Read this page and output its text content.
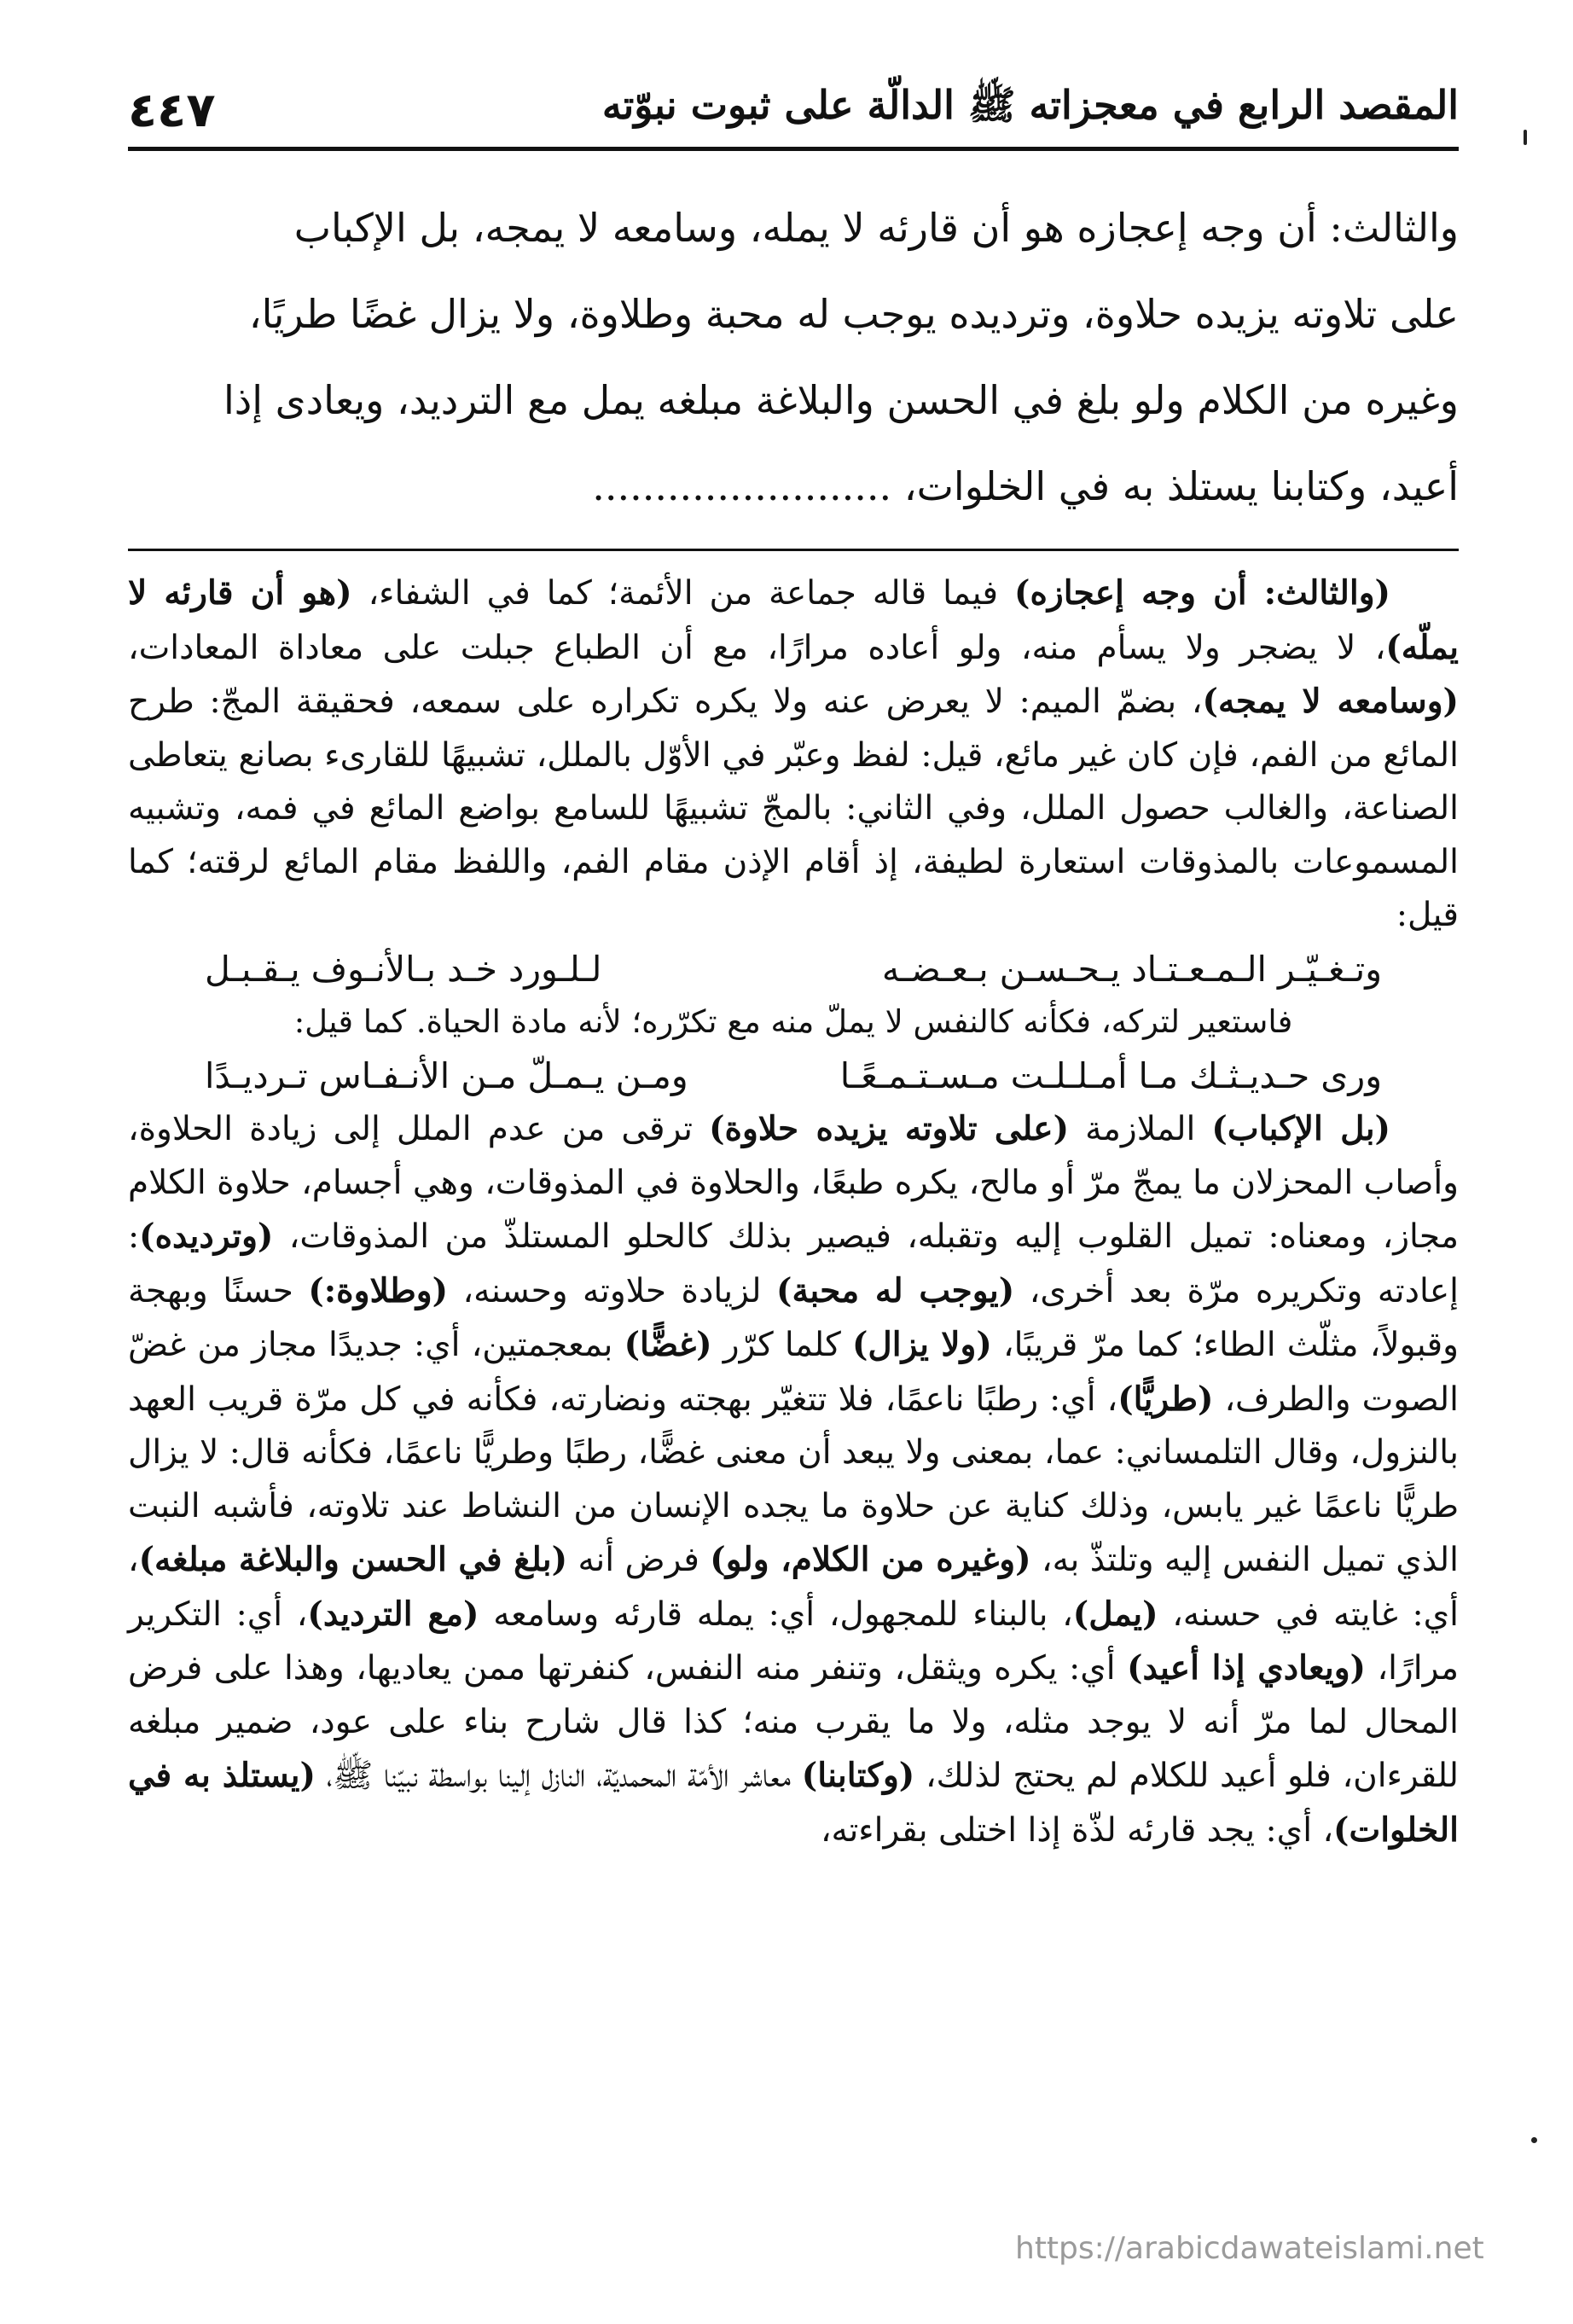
المقصد الرابع في معجزاته ﷺ الدالّة على ثبوت نبوّته
٤٤٧

والثالث: أن وجه إعجازه هو أن قارئه لا يمله، وسامعه لا يمجه، بل الإكباب

على تلاوته يزيده حلاوة، وترديده يوجب له محبة وطلاوة، ولا يزال غضًا طريًا،

وغيره من الكلام ولو بلغ في الحسن والبلاغة مبلغه يمل مع الترديد، ويعادى إذا

أعيد، وكتابنا يستلذ به في الخلوات، ........................

(والثالث: أن وجه إعجازه) فيما قاله جماعة من الأئمة؛ كما في الشفاء، (هو أن قارئه لا يملّه)، لا يضجر ولا يسأم منه، ولو أعاده مرارًا، مع أن الطباع جبلت على معاداة المعادات، (وسامعه لا يمجه)، بضمّ الميم: لا يعرض عنه ولا يكره تكراره على سمعه، فحقيقة المجّ: طرح المائع من الفم، فإن كان غير مائع، قيل: لفظ وعبّر في الأوّل بالملل، تشبيهًا للقارىء بصانع يتعاطى الصناعة، والغالب حصول الملل، وفي الثاني: بالمجّ تشبيهًا للسامع بواضع المائع في فمه، وتشبيه المسموعات بالمذوقات استعارة لطيفة، إذ أقام الإذن مقام الفم، واللفظ مقام المائع لرقته؛ كما قيل:

وتـغـيّـر الـمـعـتـاد يـحـسـن بـعـضـه
لـلـورد خـد بـالأنـوف يـقـبـل
فاستعير لتركه، فكأنه كالنفس لا يملّ منه مع تكرّره؛ لأنه مادة الحياة. كما قيل:
وری حـديـثـك مـا أمـلـلـت مـسـتـمـعًـا
ومـن يـمـلّ مـن الأنـفـاس تـرديـدًا

(بل الإكباب) الملازمة (على تلاوته يزيده حلاوة) ترقى من عدم الملل إلى زيادة الحلاوة، وأصاب المحزلان ما يمجّ مرّ أو مالح، يكره طبعًا، والحلاوة في المذوقات، وهي أجسام، حلاوة الكلام مجاز، ومعناه: تميل القلوب إليه وتقبله، فيصير بذلك كالحلو المستلذّ من المذوقات، (وترديده): إعادته وتكريره مرّة بعد أخرى، (يوجب له محبة) لزيادة حلاوته وحسنه، (وطلاوة:) حسنًا وبهجة وقبولاً، مثلّث الطاء؛ كما مرّ قريبًا، (ولا يزال) كلما كرّر (غضًّا) بمعجمتين، أي: جديدًا مجاز من غضّ الصوت والطرف، (طريًّا)، أي: رطبًا ناعمًا، فلا تتغيّر بهجته ونضارته، فكأنه في كل مرّة قريب العهد بالنزول، وقال التلمساني: عما، بمعنى ولا يبعد أن معنى غضًّا، رطبًا وطريًّا ناعمًا، فكأنه قال: لا يزال طريًّا ناعمًا غير يابس، وذلك كناية عن حلاوة ما يجده الإنسان من النشاط عند تلاوته، فأشبه النبت الذي تميل النفس إليه وتلتذّ به، (وغيره من الكلام، ولو) فرض أنه (بلغ في الحسن والبلاغة مبلغه)، أي: غايته في حسنه، (يمل)، بالبناء للمجهول، أي: يمله قارئه وسامعه (مع الترديد)، أي: التكرير مرارًا، (ويعادي إذا أعيد) أي: يكره ويثقل، وتنفر منه النفس، كنفرتها ممن يعاديها، وهذا على فرض المحال لما مرّ أنه لا يوجد مثله، ولا ما يقرب منه؛ كذا قال شارح بناء على عود، ضمير مبلغه للقرءان، فلو أعيد للكلام لم يحتج لذلك، (وكتابنا) معاشر الأمّة المحمديّة، النازل إلينا بواسطة نبيّنا ﷺ، (يستلذ به في الخلوات)، أي: يجد قارئه لذّة إذا اختلى بقراءته،

https://arabicdawateislami.net
